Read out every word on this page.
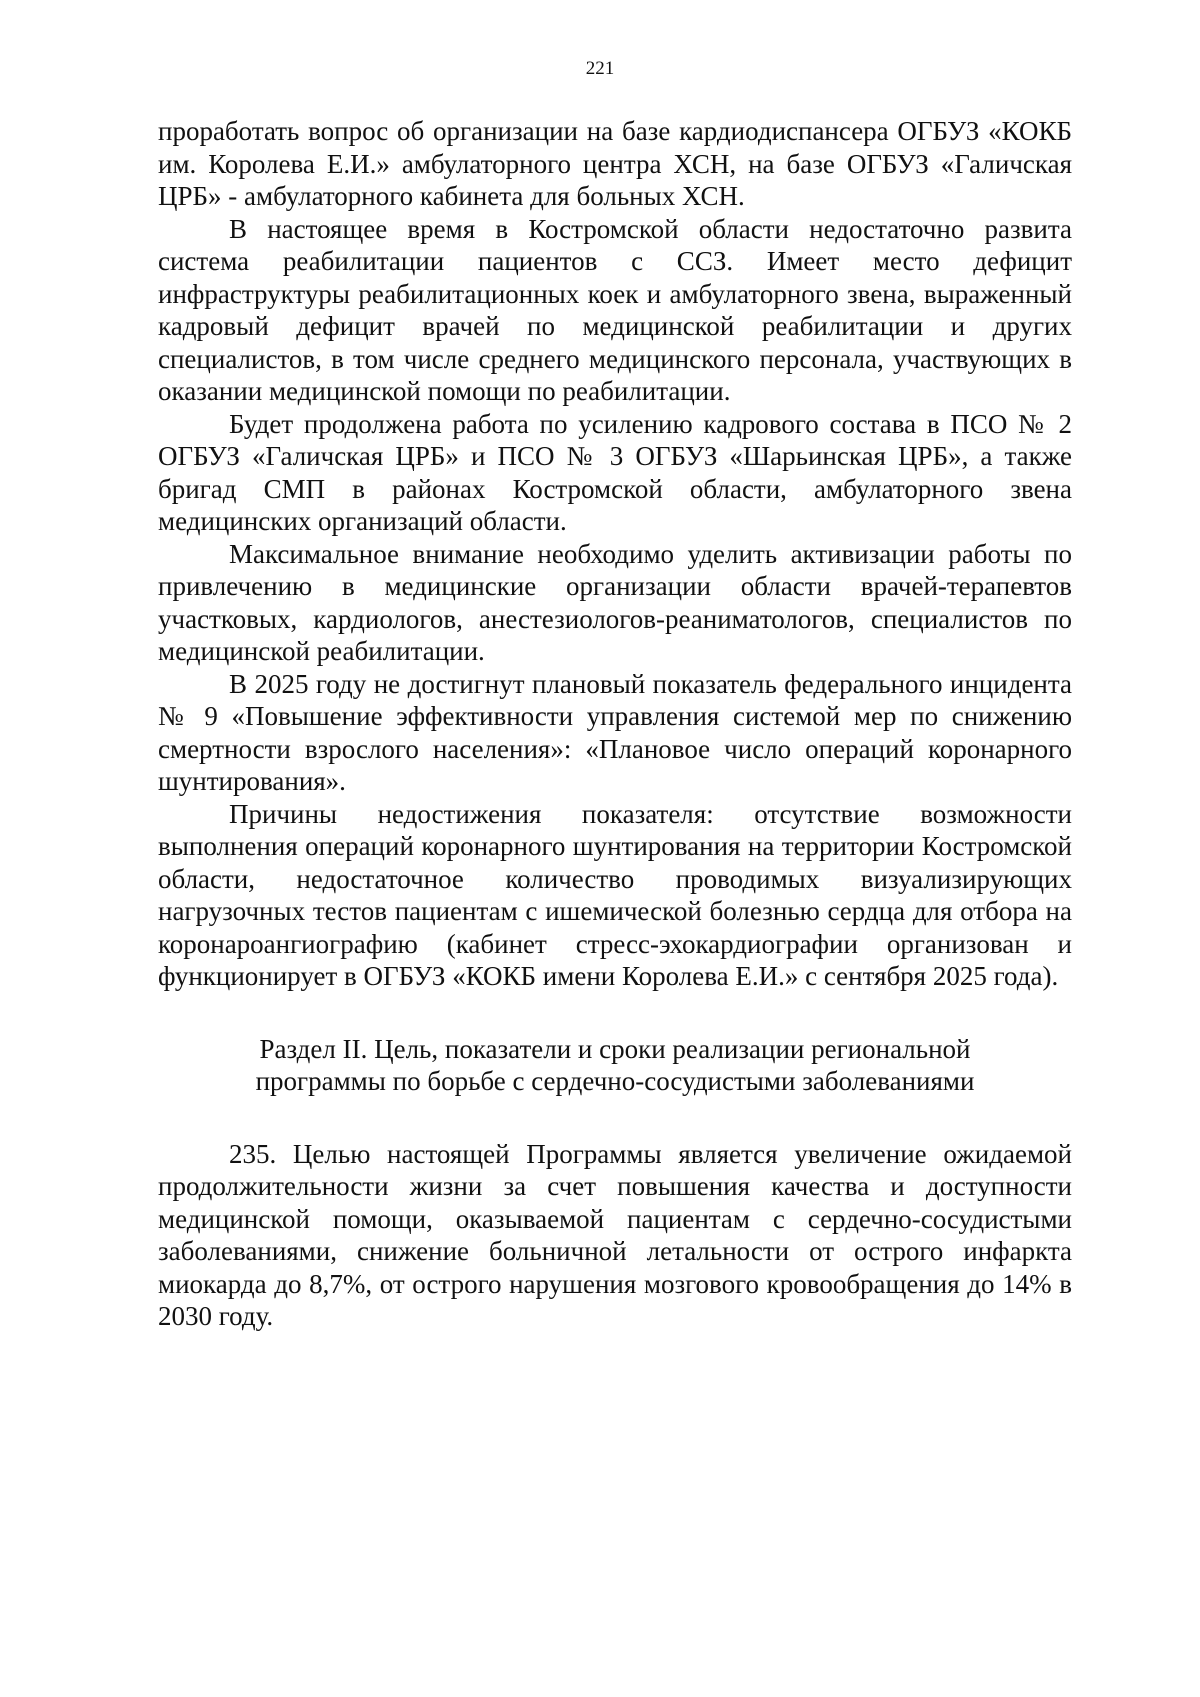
221

проработать вопрос об организации на базе кардиодиспансера ОГБУЗ «КОКБ им. Королева Е.И.» амбулаторного центра ХСН, на базе ОГБУЗ «Галичская ЦРБ» - амбулаторного кабинета для больных ХСН.

В настоящее время в Костромской области недостаточно развита система реабилитации пациентов с ССЗ. Имеет место дефицит инфраструктуры реабилитационных коек и амбулаторного звена, выраженный кадровый дефицит врачей по медицинской реабилитации и других специалистов, в том числе среднего медицинского персонала, участвующих в оказании медицинской помощи по реабилитации.

Будет продолжена работа по усилению кадрового состава в ПСО № 2 ОГБУЗ «Галичская ЦРБ» и ПСО № 3 ОГБУЗ «Шарьинская ЦРБ», а также бригад СМП в районах Костромской области, амбулаторного звена медицинских организаций области.

Максимальное внимание необходимо уделить активизации работы по привлечению в медицинские организации области врачей-терапевтов участковых, кардиологов, анестезиологов-реаниматологов, специалистов по медицинской реабилитации.

В 2025 году не достигнут плановый показатель федерального инцидента № 9 «Повышение эффективности управления системой мер по снижению смертности взрослого населения»: «Плановое число операций коронарного шунтирования».

Причины недостижения показателя: отсутствие возможности выполнения операций коронарного шунтирования на территории Костромской области, недостаточное количество проводимых визуализирующих нагрузочных тестов пациентам с ишемической болезнью сердца для отбора на коронароангиографию (кабинет стресс-эхокардиографии организован и функционирует в ОГБУЗ «КОКБ имени Королева Е.И.» с сентября 2025 года).

Раздел II. Цель, показатели и сроки реализации региональной
программы по борьбе с сердечно-сосудистыми заболеваниями

235. Целью настоящей Программы является увеличение ожидаемой продолжительности жизни за счет повышения качества и доступности медицинской помощи, оказываемой пациентам с сердечно-сосудистыми заболеваниями, снижение больничной летальности от острого инфаркта миокарда до 8,7%, от острого нарушения мозгового кровообращения до 14% в 2030 году.
